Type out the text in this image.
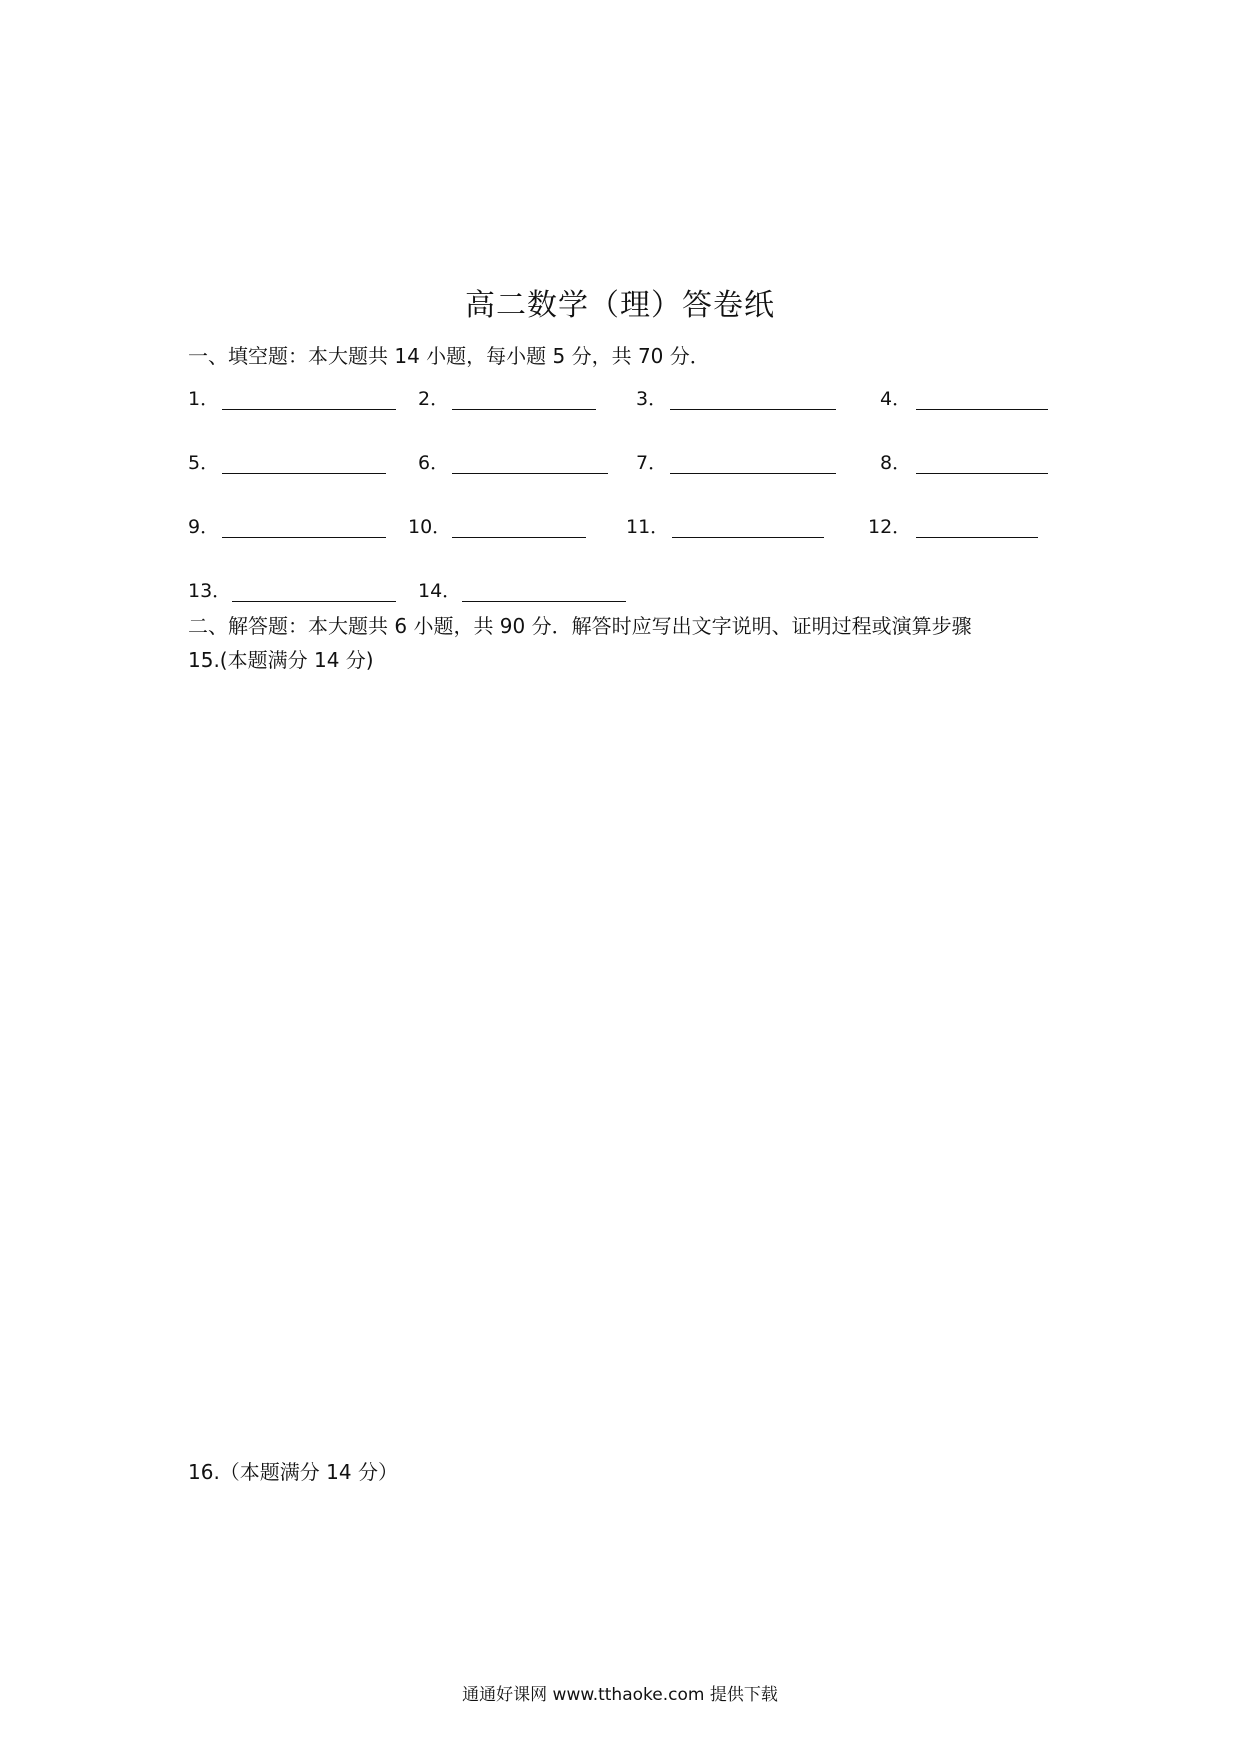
高二数学（理）答卷纸
一、填空题：本大题共 14 小题，每小题 5 分，共 70 分．
1．	2．	3．	4．
5．	6．	7．	8．
9．	10．	11．	12．
13．	14．
二、解答题：本大题共 6 小题，共 90 分．解答时应写出文字说明、证明过程或演算步骤
15.(本题满分 14 分)
16.（本题满分 14 分）
通通好课网 www.tthaoke.com 提供下载
